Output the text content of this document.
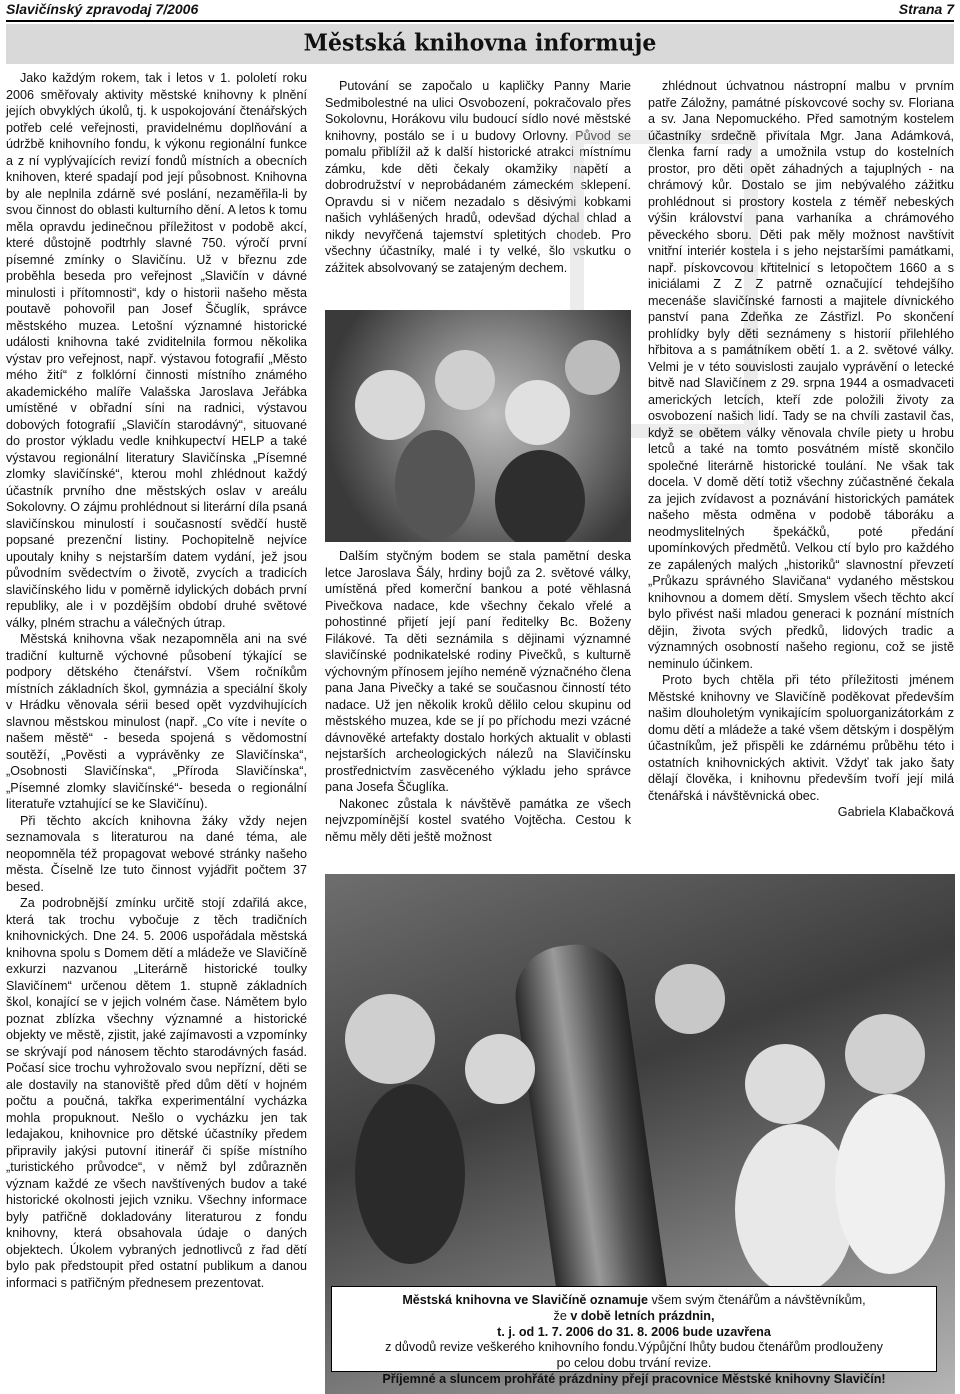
Slavičínský zpravodaj 7/2006	Strana 7
Městská knihovna informuje

Jako každým rokem, tak i letos v 1. pololetí roku 2006 směřovaly aktivity městské knihovny k plnění jejích obvyklých úkolů, tj. k uspokojování čtenářských potřeb celé veřejnosti, pravidelnému doplňování a údržbě knihovního fondu, k výkonu regionální funkce a z ní vyplývajících revizí fondů místních a obecních knihoven, které spadají pod její působnost. Knihovna by ale neplnila zdárně své poslání, nezaměřila-li by svou činnost do oblasti kulturního dění. A letos k tomu měla opravdu jedinečnou příležitost v podobě akcí, které důstojně podtrhly slavné 750. výročí první písemné zmínky o Slavičínu. Už v březnu zde proběhla beseda pro veřejnost „Slavičín v dávné minulosti i přítomnosti“, kdy o historii našeho města poutavě pohovořil pan Josef Ščuglík, správce městského muzea. Letošní významné historické události knihovna také zviditelnila formou několika výstav pro veřejnost, např. výstavou fotografií „Město mého žití“ z folklórní činnosti místního známého akademického malíře Valašska Jaroslava Jeřábka umístěné v obřadní síni na radnici, výstavou dobových fotografií „Slavičín starodávný“, situované do prostor výkladu vedle knihkupectví HELP a také výstavou regionální literatury Slavičínska „Písemné zlomky slavičínské“, kterou mohl zhlédnout každý účastník prvního dne městských oslav v areálu Sokolovny. O zájmu prohlédnout si literární díla psaná slavičínskou minulostí i současností svědčí hustě popsané prezenční listiny. Pochopitelně nejvíce upoutaly knihy s nejstarším datem vydání, jež jsou původním svědectvím o životě, zvycích a tradicích slavičínského lidu v poměrně idylických dobách první republiky, ale i v pozdějším období druhé světové války, plném strachu a válečných útrap.

Městská knihovna však nezapomněla ani na své tradiční kulturně výchovné působení týkající se podpory dětského čtenářství. Všem ročníkům místních základních škol, gymnázia a speciální školy v Hrádku věnovala sérii besed opět vyzdvihujících slavnou městskou minulost (např. „Co víte i nevíte o našem městě“ - beseda spojená s vědomostní soutěží, „Pověsti a vyprávěnky ze Slavičínska“, „Osobnosti Slavičínska“, „Příroda Slavičínska“, „Písemné zlomky slavičínské“- beseda o regionální literatuře vztahující se ke Slavičínu).

Při těchto akcích knihovna žáky vždy nejen seznamovala s literaturou na dané téma, ale neopomněla též propagovat webové stránky našeho města. Číselně lze tuto činnost vyjádřit počtem 37 besed.

Za podrobnější zmínku určitě stojí zdařilá akce, která tak trochu vybočuje z těch tradičních knihovnických. Dne 24. 5. 2006 uspořádala městská knihovna spolu s Domem dětí a mládeže ve Slavičíně exkurzi nazvanou „Literárně historické toulky Slavičínem“ určenou dětem 1. stupně základních škol, konající se v jejich volném čase. Námětem bylo poznat zblízka všechny významné a historické objekty ve městě, zjistit, jaké zajímavosti a vzpomínky se skrývají pod nánosem těchto starodávných fasád. Počasí sice trochu vyhrožovalo svou nepřízní, děti se ale dostavily na stanoviště před dům dětí v hojném počtu a poučná, takřka experimentální vycházka mohla propuknout. Nešlo o vycházku jen tak ledajakou, knihovnice pro dětské účastníky předem připravily jakýsi putovní itinerář či spíše místního „turistického průvodce“, v němž byl zdůrazněn význam každé ze všech navštívených budov a také historické okolnosti jejich vzniku. Všechny informace byly patřičně dokladovány literaturou z fondu knihovny, která obsahovala údaje o daných objektech. Úkolem vybraných jednotlivců z řad dětí bylo pak předstoupit před ostatní publikum a danou informaci s patřičným přednesem prezentovat.

Putování se započalo u kapličky Panny Marie Sedmibolestné na ulici Osvobození, pokračovalo přes Sokolovnu, Horákovu vilu budoucí sídlo nové městské knihovny, postálo se i u budovy Orlovny. Původ se pomalu přiblížil až k další historické atrakci místnímu zámku, kde děti čekaly okamžiky napětí a dobrodružství v neprobádaném zámeckém sklepení. Opravdu si v ničem nezadalo s děsivými kobkami našich vyhlášených hradů, odevšad dýchal chlad a nikdy nevyřčená tajemství spletitých chodeb. Pro všechny účastníky, malé i ty velké, šlo vskutku o zážitek absolvovaný se zatajeným dechem.

Dalším styčným bodem se stala pamětní deska letce Jaroslava Šály, hrdiny bojů za 2. světové války, umístěná před komerční bankou a poté věhlasná Pivečkova nadace, kde všechny čekalo vřelé a pohostinné přijetí její paní ředitelky Bc. Boženy Filákové. Ta děti seznámila s dějinami významné slavičínské podnikatelské rodiny Pivečků, s kulturně výchovným přínosem jejího neméně význačného člena pana Jana Pivečky a také se současnou činností této nadace. Už jen několik kroků dělilo celou skupinu od městského muzea, kde se jí po příchodu mezi vzácné dávnověké artefakty dostalo horkých aktualit v oblasti nejstarších archeologických nálezů na Slavičínsku prostřednictvím zasvěceného výkladu jeho správce pana Josefa Ščuglíka.

Nakonec zůstala k návštěvě památka ze všech nejvzpomínější kostel svatého Vojtěcha. Cestou k němu měly děti ještě možnost

zhlédnout úchvatnou nástropní malbu v prvním patře Záložny, památné pískovcové sochy sv. Floriana a sv. Jana Nepomuckého. Před samotným kostelem účastníky srdečně přivítala Mgr. Jana Adámková, členka farní rady a umožnila vstup do kostelních prostor, pro děti opět záhadných a tajuplných - na chrámový kůr. Dostalo se jim nebývalého zážitku prohlédnout si prostory kostela z téměř nebeských výšin království pana varhaníka a chrámového pěveckého sboru. Děti pak měly možnost navštívit vnitřní interiér kostela i s jeho nejstaršími památkami, např. pískovcovou křtitelnicí s letopočtem 1660 a s iniciálami Z Z Z patrně označující tehdejšího mecenáše slavičínské farnosti a majitele dívnického panství pana Zdeňka ze Zástřizl. Po skončení prohlídky byly děti seznámeny s historií přilehlého hřbitova a s památníkem obětí 1. a 2. světové války. Velmi je v této souvislosti zaujalo vyprávění o letecké bitvě nad Slavičínem z 29. srpna 1944 a osmadvaceti amerických letcích, kteří zde položili životy za osvobození našich lidí. Tady se na chvíli zastavil čas, když se obětem války věnovala chvíle piety u hrobu letců a také na tomto posvátném místě skončilo společné literárně historické toulání. Ne však tak docela. V domě dětí totiž všechny zúčastněné čekala za jejich zvídavost a poznávání historických památek našeho města odměna v podobě táboráku a neodmyslitelných špekáčků, poté předání upomínkových předmětů. Velkou ctí bylo pro každého ze zapálených malých „historiků“ slavnostní převzetí „Průkazu správného Slavičana“ vydaného městskou knihovnou a domem dětí. Smyslem všech těchto akcí bylo přivést naši mladou generaci k poznání místních dějin, života svých předků, lidových tradic a významných osobností našeho regionu, což se jistě neminulo účinkem.

Proto bych chtěla při této příležitosti jménem Městské knihovny ve Slavičíně poděkovat především našim dlouholetým vynikajícím spoluorganizátorkám z domu dětí a mládeže a také všem dětským i dospělým účastníkům, jež přispěli ke zdárnému průběhu této i ostatních knihovnických aktivit. Vždyť tak jako šaty dělají člověka, i knihovnu především tvoří její milá čtenářská i návštěvnická obec.

Gabriela Klabačková
Městská knihovna ve Slavičíně oznamuje všem svým čtenářům a návštěvníkům,
že v době letních prázdnin,
t. j. od 1. 7. 2006 do 31. 8. 2006 bude uzavřena
z důvodů revize veškerého knihovního fondu.Výpůjční lhůty budou čtenářům prodlouženy
po celou dobu trvání revize.
Příjemné a sluncem prohřáté prázdniny přejí pracovnice Městské knihovny Slavičín!
